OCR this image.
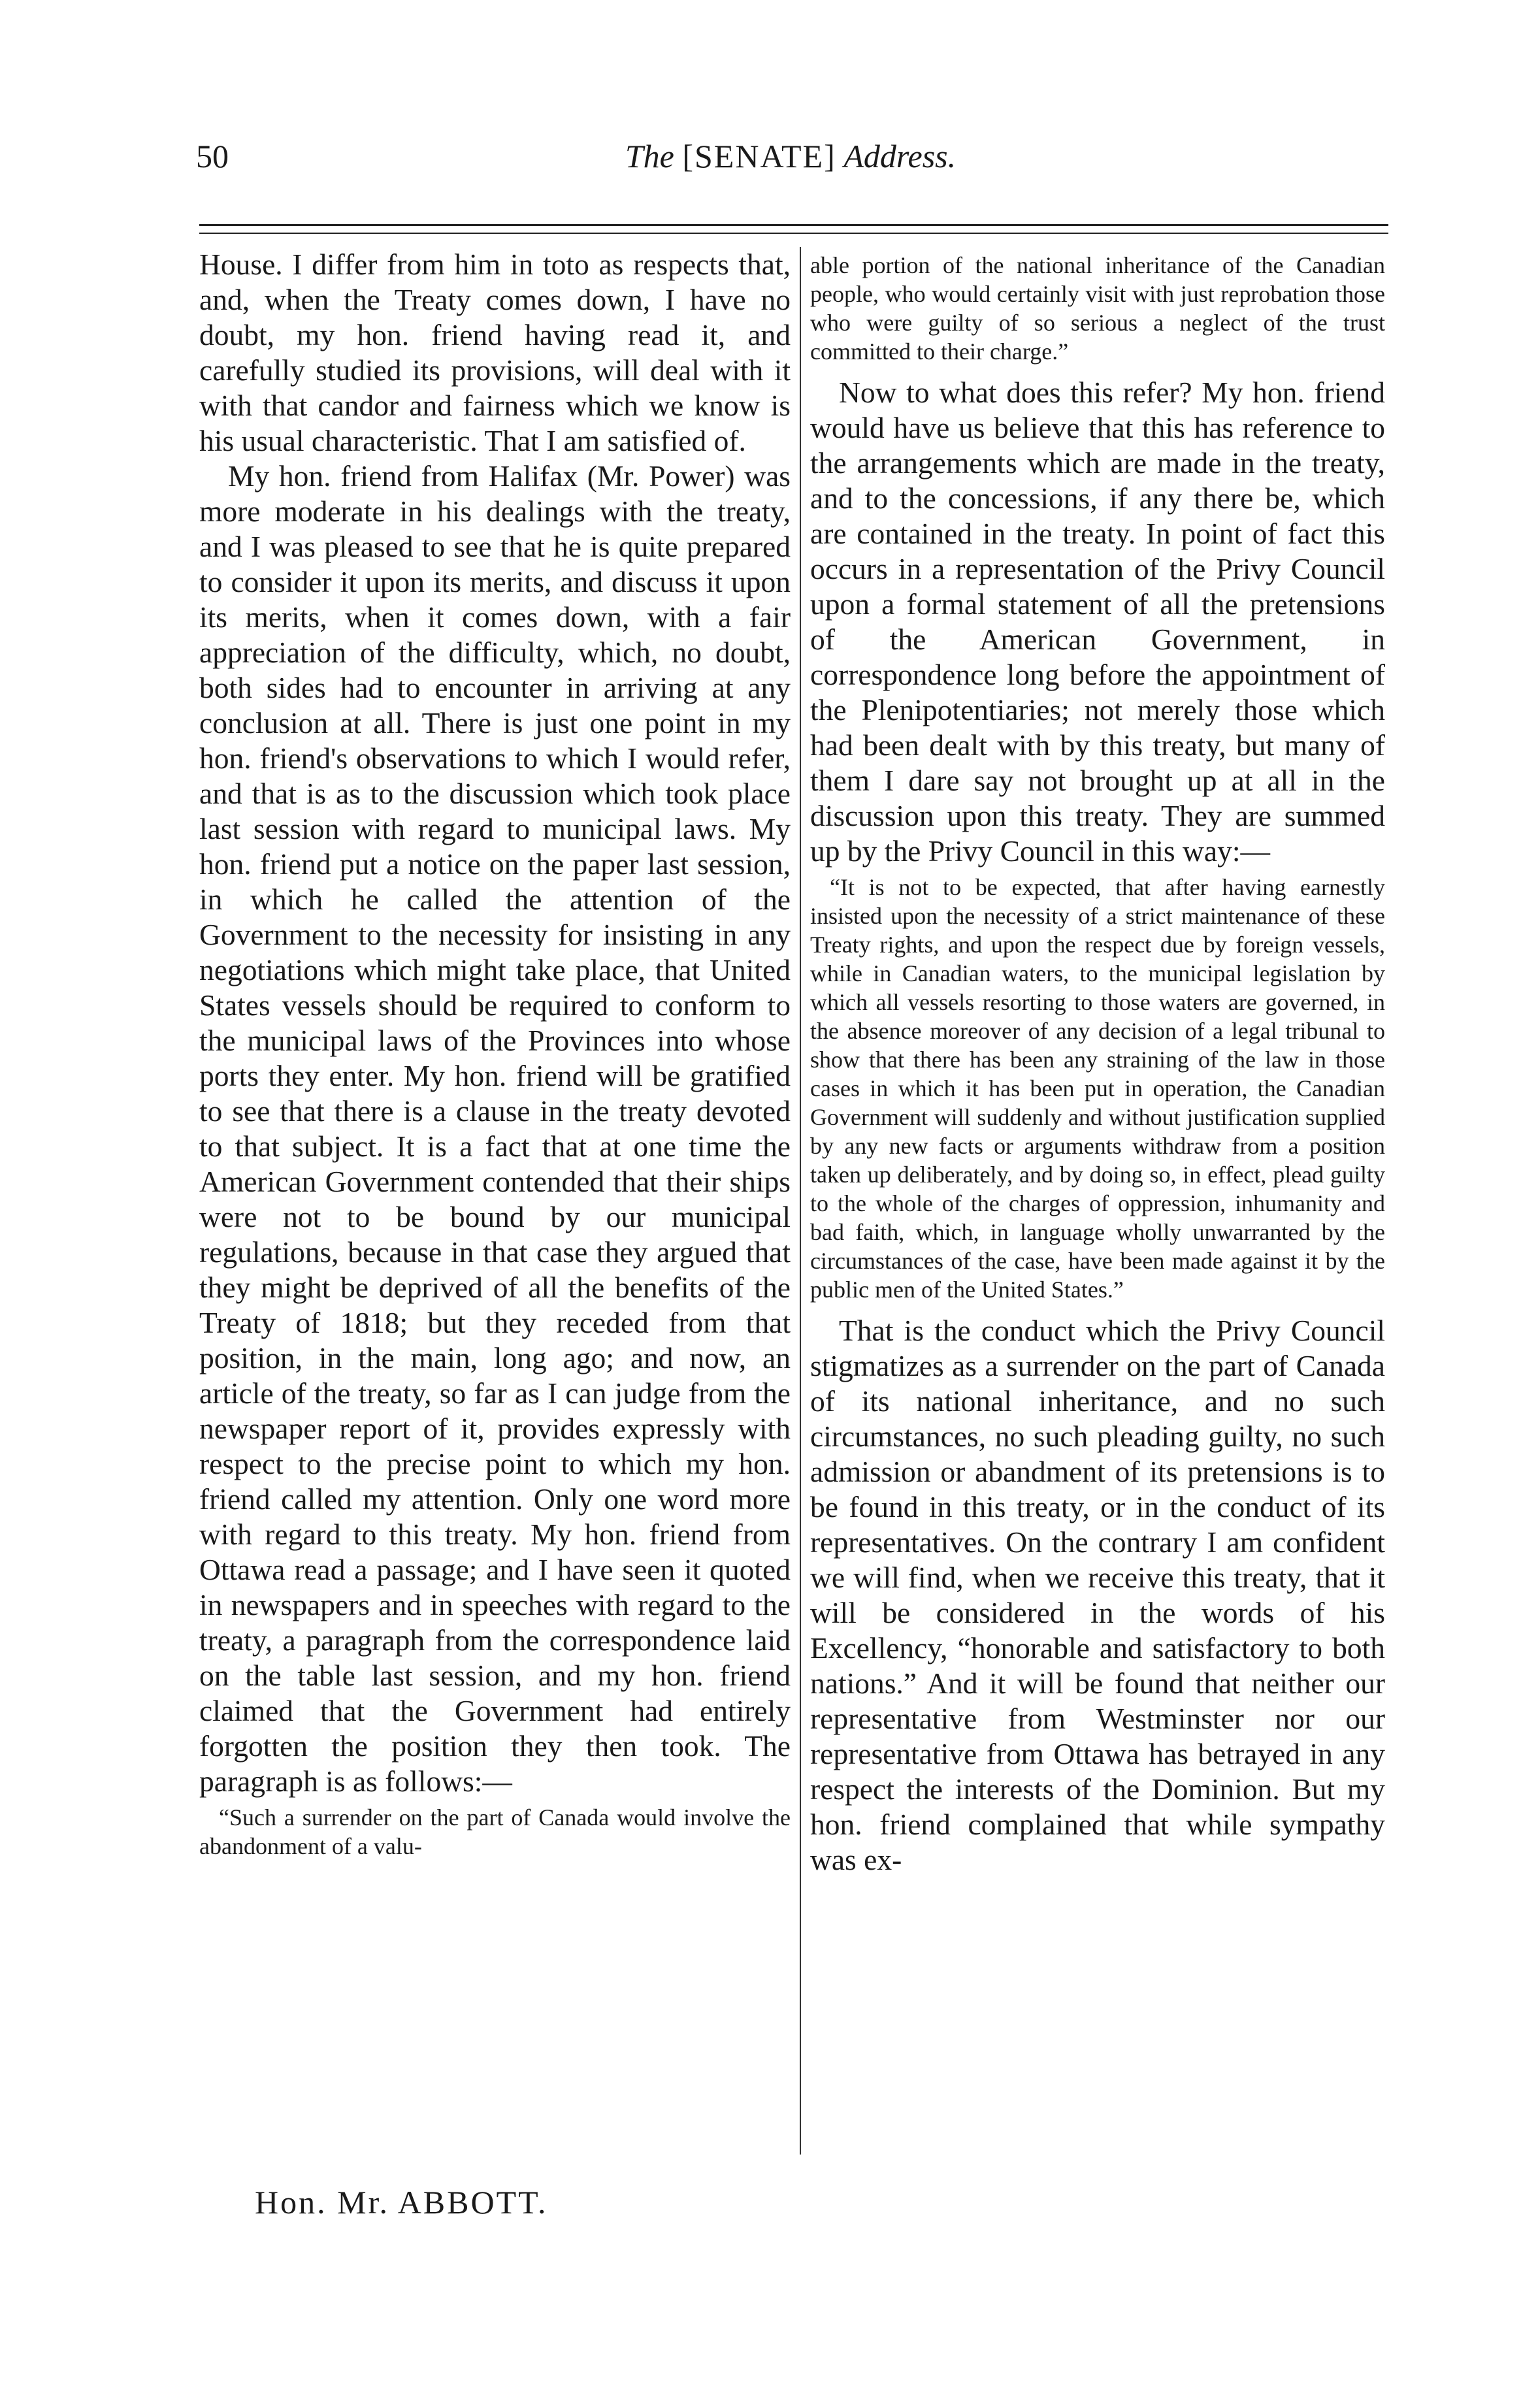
50	The [SENATE] Address.

House. I differ from him in toto as respects that, and, when the Treaty comes down, I have no doubt, my hon. friend having read it, and carefully studied its provisions, will deal with it with that candor and fairness which we know is his usual characteristic. That I am satisfied of.

My hon. friend from Halifax (Mr. Power) was more moderate in his dealings with the treaty, and I was pleased to see that he is quite prepared to consider it upon its merits, and discuss it upon its merits, when it comes down, with a fair appreciation of the difficulty, which, no doubt, both sides had to encounter in arriving at any conclusion at all. There is just one point in my hon. friend's observations to which I would refer, and that is as to the discussion which took place last session with regard to municipal laws. My hon. friend put a notice on the paper last session, in which he called the attention of the Government to the necessity for insisting in any negotiations which might take place, that United States vessels should be required to conform to the municipal laws of the Provinces into whose ports they enter. My hon. friend will be gratified to see that there is a clause in the treaty devoted to that subject. It is a fact that at one time the American Government contended that their ships were not to be bound by our municipal regulations, because in that case they argued that they might be deprived of all the benefits of the Treaty of 1818; but they receded from that position, in the main, long ago; and now, an article of the treaty, so far as I can judge from the newspaper report of it, provides expressly with respect to the precise point to which my hon. friend called my attention. Only one word more with regard to this treaty. My hon. friend from Ottawa read a passage; and I have seen it quoted in newspapers and in speeches with regard to the treaty, a paragraph from the correspondence laid on the table last session, and my hon. friend claimed that the Government had entirely forgotten the position they then took. The paragraph is as follows:—

“Such a surrender on the part of Canada would involve the abandonment of a valu-

able portion of the national inheritance of the Canadian people, who would certainly visit with just reprobation those who were guilty of so serious a neglect of the trust committed to their charge.”

Now to what does this refer? My hon. friend would have us believe that this has reference to the arrangements which are made in the treaty, and to the concessions, if any there be, which are contained in the treaty. In point of fact this occurs in a representation of the Privy Council upon a formal statement of all the pretensions of the American Government, in correspondence long before the appointment of the Plenipotentiaries; not merely those which had been dealt with by this treaty, but many of them I dare say not brought up at all in the discussion upon this treaty. They are summed up by the Privy Council in this way:—

“It is not to be expected, that after having earnestly insisted upon the necessity of a strict maintenance of these Treaty rights, and upon the respect due by foreign vessels, while in Canadian waters, to the municipal legislation by which all vessels resorting to those waters are governed, in the absence moreover of any decision of a legal tribunal to show that there has been any straining of the law in those cases in which it has been put in operation, the Canadian Government will suddenly and without justification supplied by any new facts or arguments withdraw from a position taken up deliberately, and by doing so, in effect, plead guilty to the whole of the charges of oppression, inhumanity and bad faith, which, in language wholly unwarranted by the circumstances of the case, have been made against it by the public men of the United States.”

That is the conduct which the Privy Council stigmatizes as a surrender on the part of Canada of its national inheritance, and no such circumstances, no such pleading guilty, no such admission or abandment of its pretensions is to be found in this treaty, or in the conduct of its representatives. On the contrary I am confident we will find, when we receive this treaty, that it will be considered in the words of his Excellency, “honorable and satisfactory to both nations.” And it will be found that neither our representative from Westminster nor our representative from Ottawa has betrayed in any respect the interests of the Dominion. But my hon. friend complained that while sympathy was ex-

Hon. Mr. ABBOTT.
